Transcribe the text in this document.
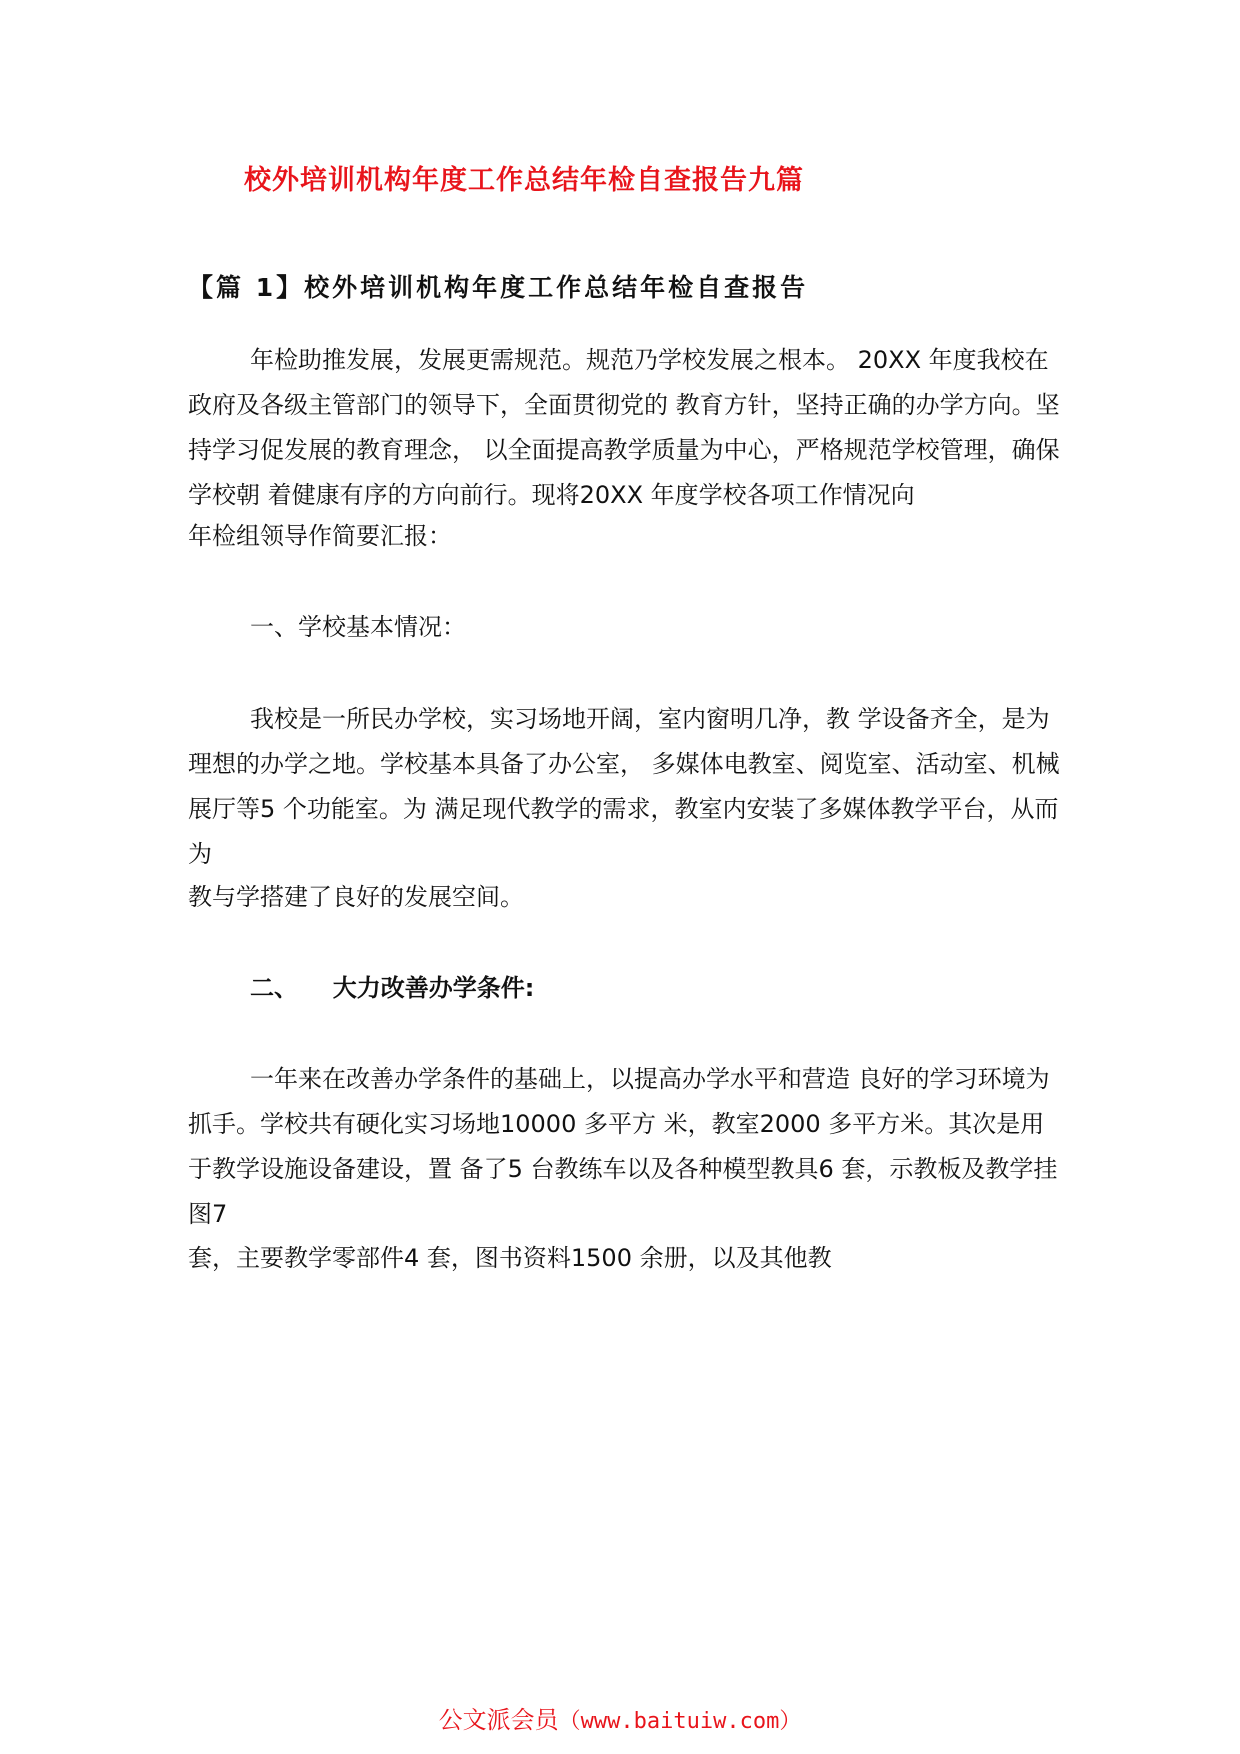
校外培训机构年度工作总结年检自查报告九篇
【篇 1】校外培训机构年度工作总结年检自查报告

年检助推发展，发展更需规范。规范乃学校发展之根本。 20XX 年度我校在政府及各级主管部门的领导下，全面贯彻党的 教育方针，坚持正确的办学方向。坚持学习促发展的教育理念， 以全面提高教学质量为中心，严格规范学校管理，确保学校朝 着健康有序的方向前行。现将20XX 年度学校各项工作情况向

年检组领导作简要汇报：
一、学校基本情况：

我校是一所民办学校，实习场地开阔，室内窗明几净，教 学设备齐全，是为理想的办学之地。学校基本具备了办公室， 多媒体电教室、阅览室、活动室、机械展厅等5 个功能室。为 满足现代教学的需求，教室内安装了多媒体教学平台，从而为

教与学搭建了良好的发展空间。
二、 大力改善办学条件:

一年来在改善办学条件的基础上，以提高办学水平和营造 良好的学习环境为抓手。学校共有硬化实习场地10000 多平方 米，教室2000 多平方米。其次是用于教学设施设备建设，置 备了5 台教练车以及各种模型教具6 套，示教板及教学挂图7

套，主要教学零部件4 套，图书资料1500 余册，以及其他教
公文派会员（www.baituiw.com）
